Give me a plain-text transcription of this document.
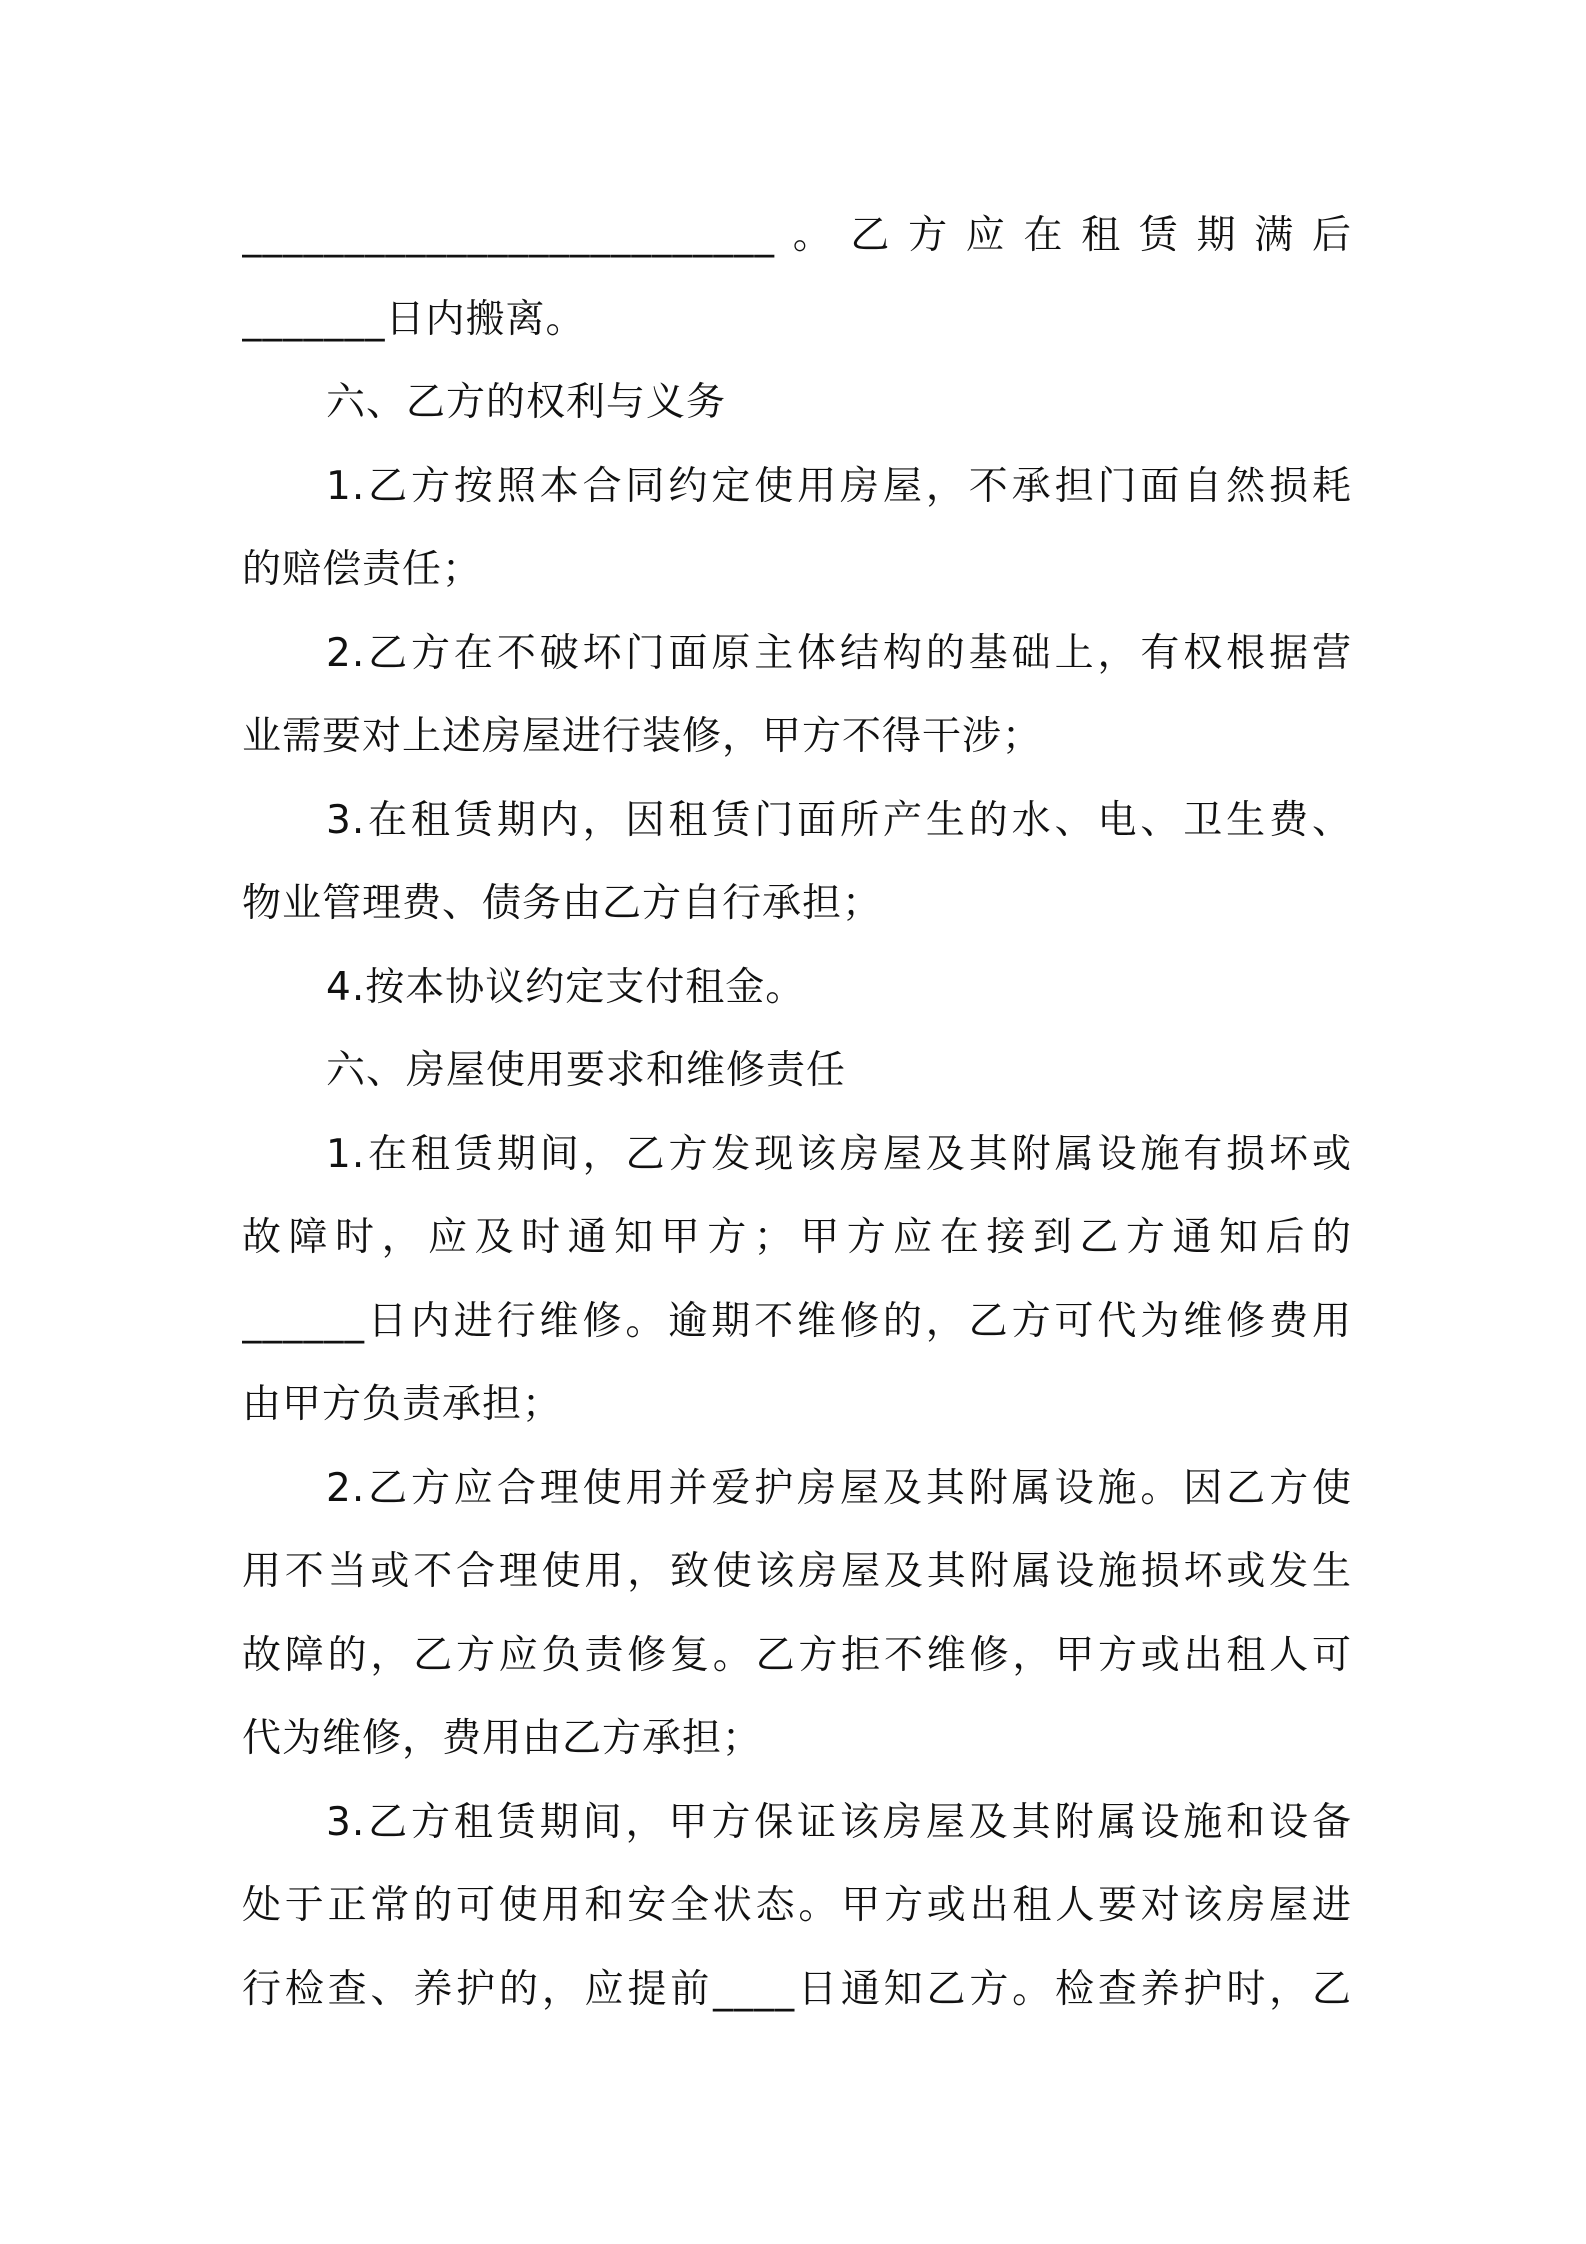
__________________________。乙方应在租赁期满后
_______日内搬离。
六、乙方的权利与义务
1.乙方按照本合同约定使用房屋，不承担门面自然损耗
的赔偿责任；
2.乙方在不破坏门面原主体结构的基础上，有权根据营
业需要对上述房屋进行装修，甲方不得干涉；
3.在租赁期内，因租赁门面所产生的水、电、卫生费、
物业管理费、债务由乙方自行承担；
4.按本协议约定支付租金。
六、房屋使用要求和维修责任
1.在租赁期间，乙方发现该房屋及其附属设施有损坏或
故障时，应及时通知甲方；甲方应在接到乙方通知后的
______日内进行维修。逾期不维修的，乙方可代为维修费用
由甲方负责承担；
2.乙方应合理使用并爱护房屋及其附属设施。因乙方使
用不当或不合理使用，致使该房屋及其附属设施损坏或发生
故障的，乙方应负责修复。乙方拒不维修，甲方或出租人可
代为维修，费用由乙方承担；
3.乙方租赁期间，甲方保证该房屋及其附属设施和设备
处于正常的可使用和安全状态。甲方或出租人要对该房屋进
行检查、养护的，应提前____日通知乙方。检查养护时，乙
